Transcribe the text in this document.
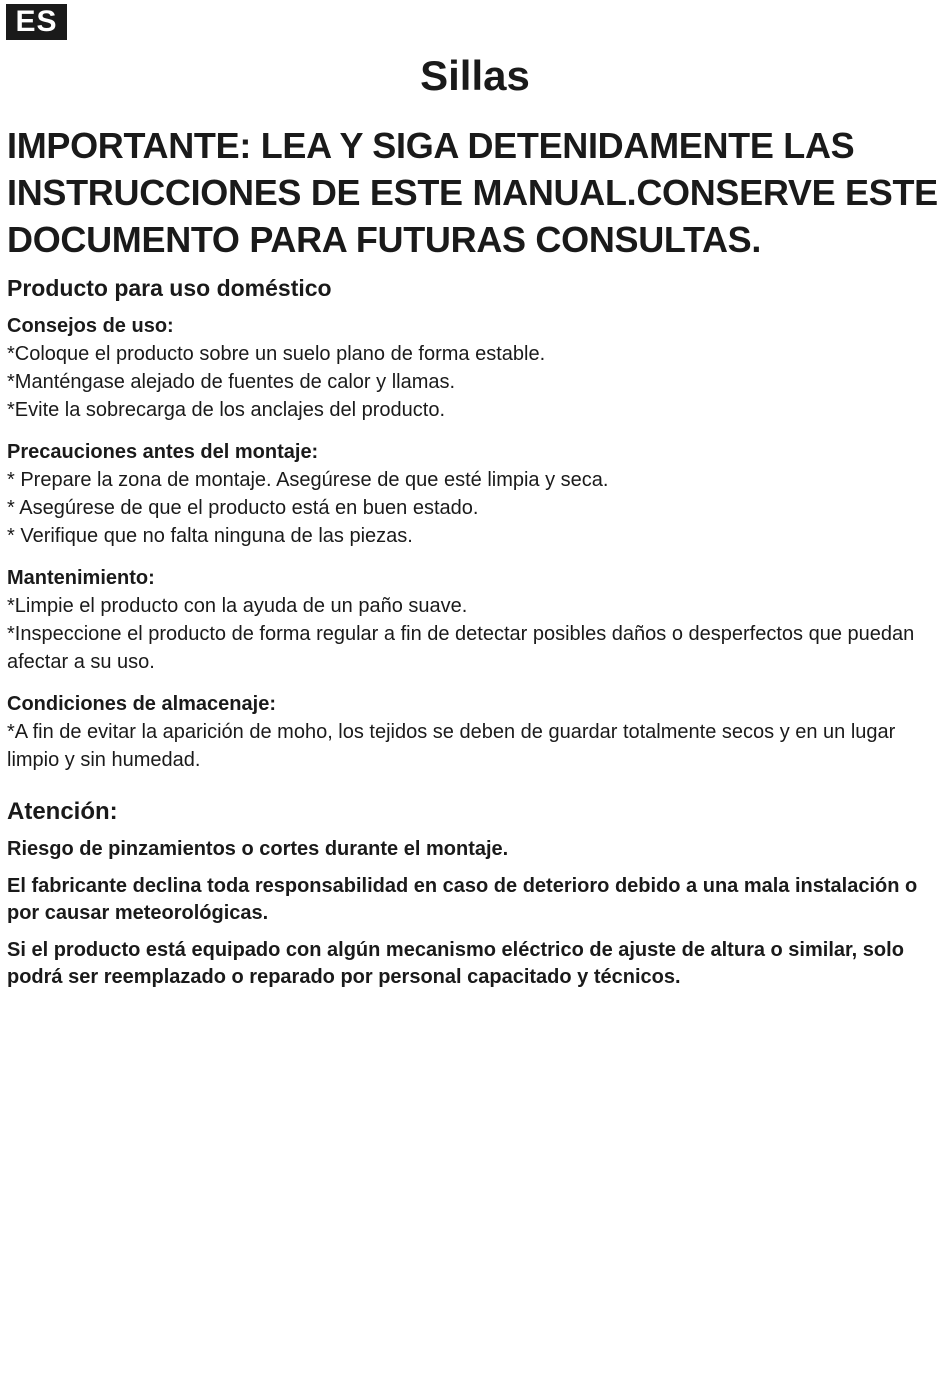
ES
Sillas

IMPORTANTE: LEA Y SIGA DETENIDAMENTE LAS INSTRUCCIONES DE ESTE MANUAL.CONSERVE ESTE DOCUMENTO PARA FUTURAS CONSULTAS.

Producto para uso doméstico

Consejos de uso:

*Coloque el producto sobre un suelo plano de forma estable.

*Manténgase alejado de fuentes de calor y llamas.

*Evite la sobrecarga de los anclajes del producto.

Precauciones antes del montaje:

* Prepare la zona de montaje. Asegúrese de que esté limpia y seca.

* Asegúrese de que el producto está en buen estado.

* Verifique que no falta ninguna de las piezas.

Mantenimiento:

*Limpie el producto con la ayuda de un paño suave.

*Inspeccione el producto de forma regular a fin de detectar posibles daños o desperfectos que puedan afectar a su uso.

Condiciones de almacenaje:

*A fin de evitar la aparición de moho, los tejidos se deben de guardar totalmente secos y en un lugar limpio y sin humedad.

Atención:

Riesgo de pinzamientos o cortes durante el montaje.

El fabricante declina toda responsabilidad en caso de deterioro debido a una mala instalación o por causar meteorológicas.

Si el producto está equipado con algún mecanismo eléctrico de ajuste de altura o similar, solo podrá ser reemplazado o reparado por personal capacitado y técnicos.
